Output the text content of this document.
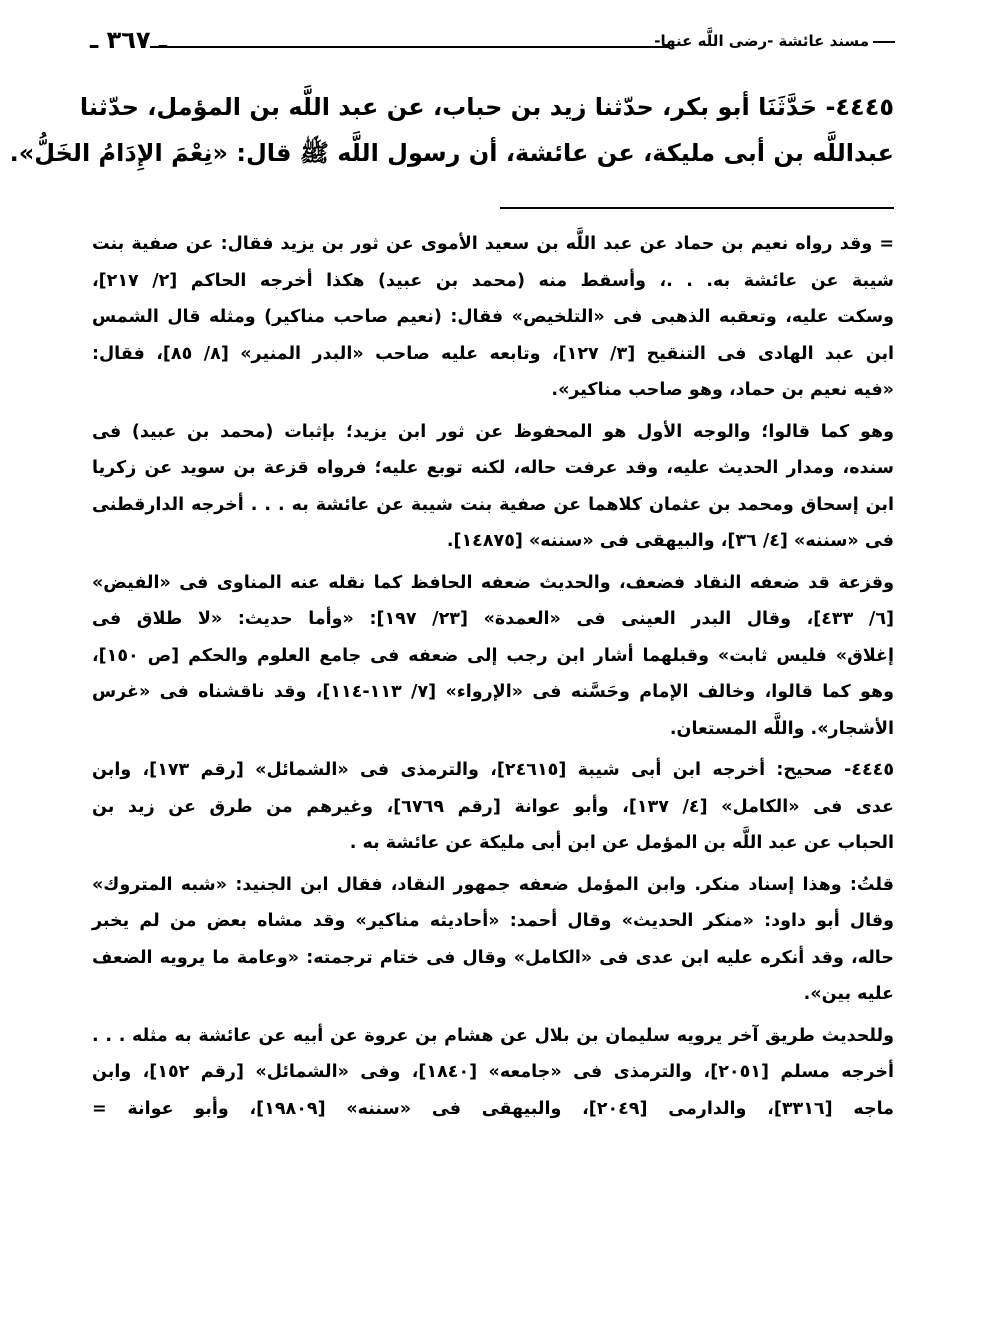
مسند عائشة -رضى اللَّه عنها-
ـ ٣٦٧ ـ
٤٤٤٥- حَدَّثَنَا أبو بكر، حدّثنا زيد بن حباب، عن عبد اللَّه بن المؤمل، حدّثنا
عبداللَّه بن أبى مليكة، عن عائشة، أن رسول اللَّه ﷺ قال: «نِعْمَ الإِدَامُ الخَلُّ».
= وقد رواه نعيم بن حماد عن عبد اللَّه بن سعيد الأموى عن ثور بن يزيد فقال: عن صفية بنت
شيبة عن عائشة به. . .، وأسقط منه (محمد بن عبيد) هكذا أخرجه الحاكم [٢/ ٢١٧]،
وسكت عليه، وتعقبه الذهبى فى «التلخيص» فقال: (نعيم صاحب مناكير) ومثله قال الشمس
ابن عبد الهادى فى التنقيح [٣/ ١٢٧]، وتابعه عليه صاحب «البدر المنير» [٨/ ٨٥]، فقال:
«فيه نعيم بن حماد، وهو صاحب مناكير».
وهو كما قالوا؛ والوجه الأول هو المحفوظ عن ثور ابن يزيد؛ بإثبات (محمد بن عبيد) فى
سنده، ومدار الحديث عليه، وقد عرفت حاله، لكنه توبع عليه؛ فرواه قزعة بن سويد عن زكريا
ابن إسحاق ومحمد بن عثمان كلاهما عن صفية بنت شيبة عن عائشة به . . . أخرجه الدارقطنى
فى «سننه» [٤/ ٣٦]، والبيهقى فى «سننه» [١٤٨٧٥].
وقزعة قد ضعفه النقاد فضعف، والحديث ضعفه الحافظ كما نقله عنه المناوى فى «الفيض»
[٦/ ٤٣٣]، وقال البدر العينى فى «العمدة» [٢٣/ ١٩٧]: «وأما حديث: «لا طلاق فى
إغلاق» فليس ثابت» وقبلهما أشار ابن رجب إلى ضعفه فى جامع العلوم والحكم [ص ١٥٠]،
وهو كما قالوا، وخالف الإمام وحَسَّنه فى «الإرواء» [٧/ ١١٣-١١٤]، وقد ناقشناه فى «غرس
الأشجار». واللَّه المستعان.
٤٤٤٥- صحيح: أخرجه ابن أبى شيبة [٢٤٦١٥]، والترمذى فى «الشمائل» [رقم ١٧٣]، وابن
عدى فى «الكامل» [٤/ ١٣٧]، وأبو عوانة [رقم ٦٧٦٩]، وغيرهم من طرق عن زيد بن
الحباب عن عبد اللَّه بن المؤمل عن ابن أبى مليكة عن عائشة به .
قلتُ: وهذا إسناد منكر. وابن المؤمل ضعفه جمهور النقاد، فقال ابن الجنيد: «شبه المتروك»
وقال أبو داود: «منكر الحديث» وقال أحمد: «أحاديثه مناكير» وقد مشاه بعض من لم يخبر
حاله، وقد أنكره عليه ابن عدى فى «الكامل» وقال فى ختام ترجمته: «وعامة ما يرويه الضعف
عليه بين».
وللحديث طريق آخر يرويه سليمان بن بلال عن هشام بن عروة عن أبيه عن عائشة به مثله . . .
أخرجه مسلم [٢٠٥١]، والترمذى فى «جامعه» [١٨٤٠]، وفى «الشمائل» [رقم ١٥٢]، وابن
ماجه [٣٣١٦]، والدارمى [٢٠٤٩]، والبيهقى فى «سننه» [١٩٨٠٩]، وأبو عوانة =
